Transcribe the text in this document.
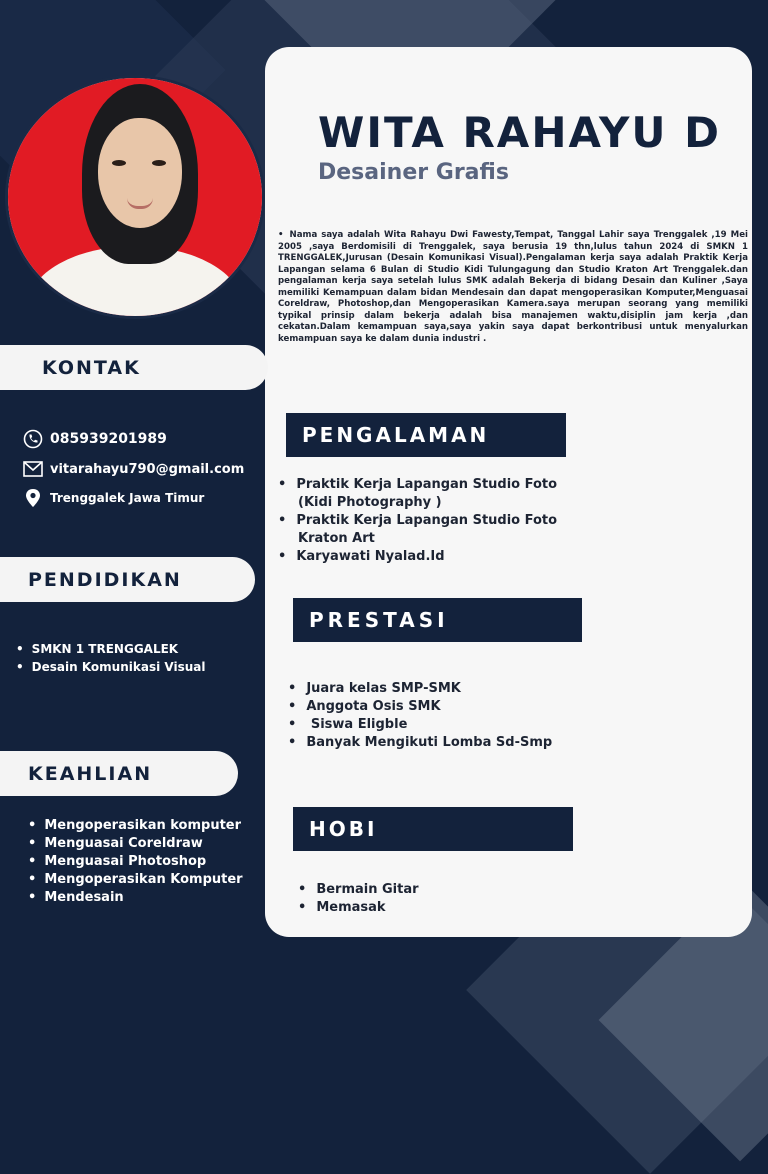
WITA RAHAYU D
Desainer Grafis
• Nama saya adalah Wita Rahayu Dwi Fawesty,Tempat, Tanggal Lahir saya Trenggalek ,19 Mei 2005 ,saya Berdomisili di Trenggalek, saya berusia 19 thn,lulus tahun 2024 di SMKN 1 TRENGGALEK,Jurusan (Desain Komunikasi Visual).Pengalaman kerja saya adalah Praktik Kerja Lapangan selama 6 Bulan di Studio Kidi Tulungagung dan Studio Kraton Art Trenggalek.dan pengalaman kerja saya setelah lulus SMK adalah Bekerja di bidang Desain dan Kuliner ,Saya memiliki Kemampuan dalam bidan Mendesain dan dapat mengoperasikan Komputer,Menguasai Coreldraw, Photoshop,dan Mengoperasikan Kamera.saya merupan seorang yang memiliki typikal prinsip dalam bekerja adalah bisa manajemen waktu,disiplin jam kerja ,dan cekatan.Dalam kemampuan saya,saya yakin saya dapat berkontribusi untuk menyalurkan kemampuan saya ke dalam dunia industri .
KONTAK
085939201989
vitarahayu790@gmail.com
Trenggalek Jawa Timur
PENDIDIKAN
• SMKN 1 TRENGGALEK
• Desain Komunikasi Visual
KEAHLIAN
• Mengoperasikan komputer
• Menguasai Coreldraw
• Menguasai Photoshop
• Mengoperasikan Komputer
• Mendesain
PENGALAMAN
• Praktik Kerja Lapangan Studio Foto
(Kidi Photography )
• Praktik Kerja Lapangan Studio Foto
Kraton Art
• Karyawati Nyalad.Id
PRESTASI
• Juara kelas SMP-SMK
• Anggota Osis SMK
• Siswa Eligble
• Banyak Mengikuti Lomba Sd-Smp
HOBI
• Bermain Gitar
• Memasak
